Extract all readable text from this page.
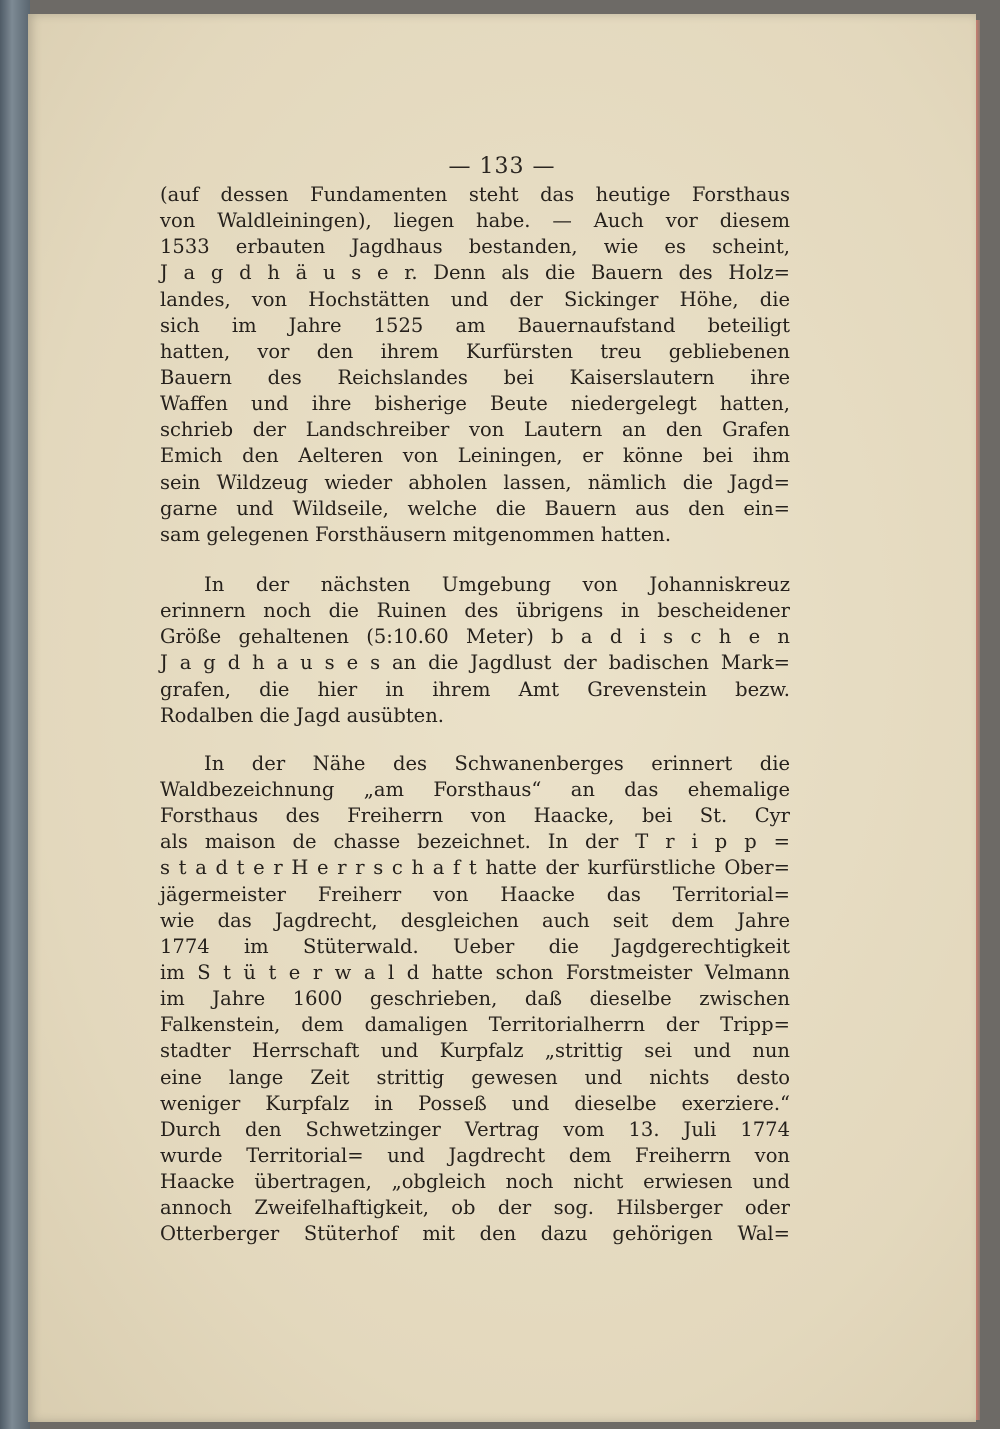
— 133 —
(auf dessen Fundamenten steht das heutige Forsthaus
von Waldleiningen), liegen habe. — Auch vor diesem
1533 erbauten Jagdhaus bestanden, wie es scheint,
J a g d h ä u s e r. Denn als die Bauern des Holz=
landes, von Hochstätten und der Sickinger Höhe, die
sich im Jahre 1525 am Bauernaufstand beteiligt
hatten, vor den ihrem Kurfürsten treu gebliebenen
Bauern des Reichslandes bei Kaiserslautern ihre
Waffen und ihre bisherige Beute niedergelegt hatten,
schrieb der Landschreiber von Lautern an den Grafen
Emich den Aelteren von Leiningen, er könne bei ihm
sein Wildzeug wieder abholen lassen, nämlich die Jagd=
garne und Wildseile, welche die Bauern aus den ein=
sam gelegenen Forsthäusern mitgenommen hatten.
In der nächsten Umgebung von Johanniskreuz
erinnern noch die Ruinen des übrigens in bescheidener
Größe gehaltenen (5:10.60 Meter) b a d i s c h e n
J a g d h a u s e s an die Jagdlust der badischen Mark=
grafen, die hier in ihrem Amt Grevenstein bezw.
Rodalben die Jagd ausübten.
In der Nähe des Schwanenberges erinnert die
Waldbezeichnung „am Forsthaus“ an das ehemalige
Forsthaus des Freiherrn von Haacke, bei St. Cyr
als maison de chasse bezeichnet. In der T r i p p =
s t a d t e r H e r r s c h a f t hatte der kurfürstliche Ober=
jägermeister Freiherr von Haacke das Territorial=
wie das Jagdrecht, desgleichen auch seit dem Jahre
1774 im Stüterwald. Ueber die Jagdgerechtigkeit
im S t ü t e r w a l d hatte schon Forstmeister Velmann
im Jahre 1600 geschrieben, daß dieselbe zwischen
Falkenstein, dem damaligen Territorialherrn der Tripp=
stadter Herrschaft und Kurpfalz „strittig sei und nun
eine lange Zeit strittig gewesen und nichts desto
weniger Kurpfalz in Posseß und dieselbe exerziere.“
Durch den Schwetzinger Vertrag vom 13. Juli 1774
wurde Territorial= und Jagdrecht dem Freiherrn von
Haacke übertragen, „obgleich noch nicht erwiesen und
annoch Zweifelhaftigkeit, ob der sog. Hilsberger oder
Otterberger Stüterhof mit den dazu gehörigen Wal=
